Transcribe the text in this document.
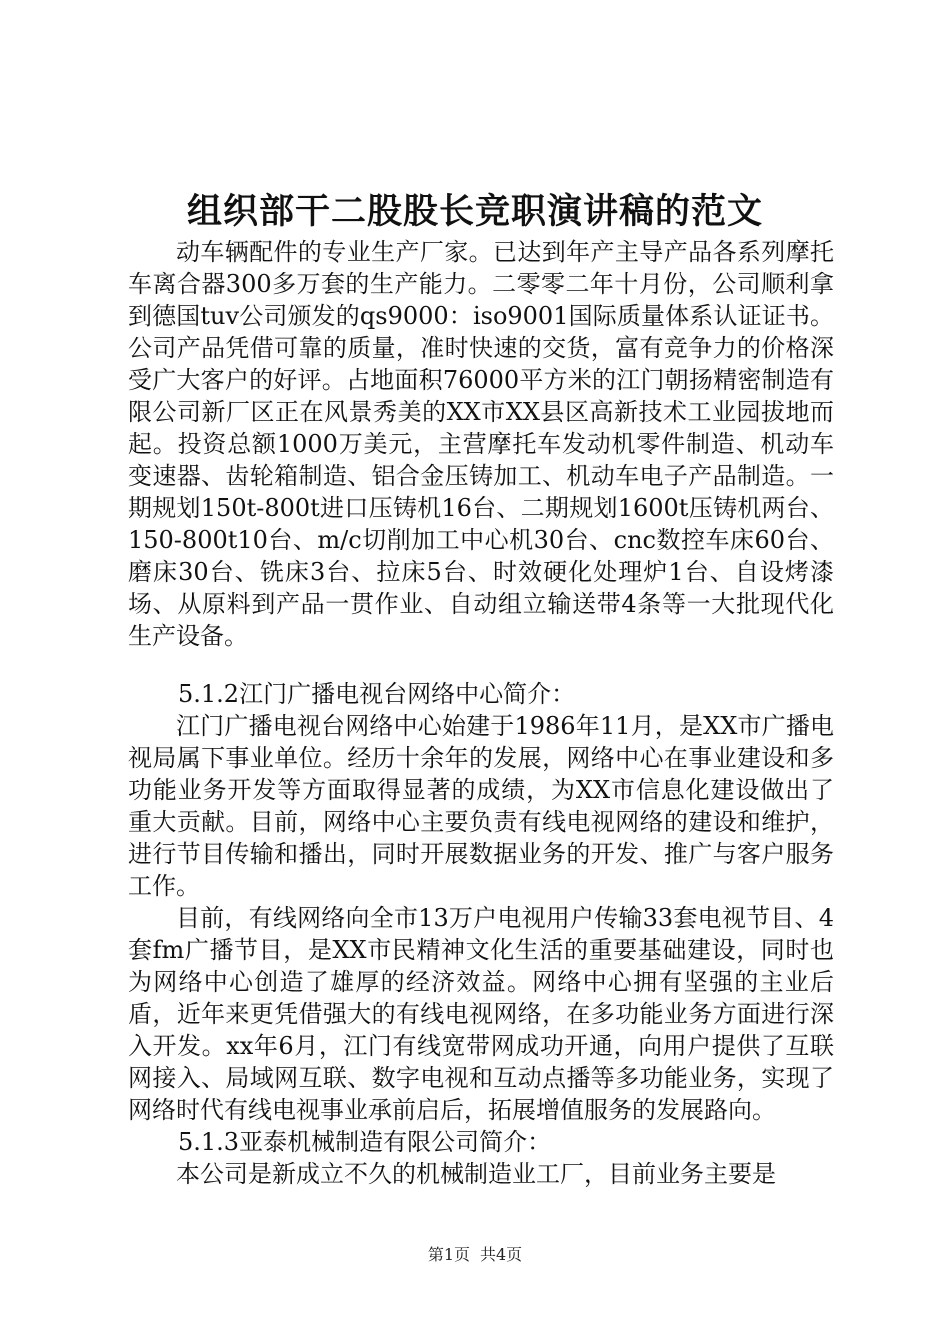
组织部干二股股长竞职演讲稿的范文

动车辆配件的专业生产厂家。已达到年产主导产品各系列摩托车离合器300多万套的生产能力。二零零二年十月份，公司顺利拿到德国tuv公司颁发的qs9000：iso9001国际质量体系认证证书。公司产品凭借可靠的质量，准时快速的交货，富有竞争力的价格深受广大客户的好评。占地面积76000平方米的江门朝扬精密制造有限公司新厂区正在风景秀美的XX市XX县区高新技术工业园拔地而起。投资总额1000万美元，主营摩托车发动机零件制造、机动车变速器、齿轮箱制造、铝合金压铸加工、机动车电子产品制造。一期规划150t-800t进口压铸机16台、二期规划1600t压铸机两台、150-800t10台、m/c切削加工中心机30台、cnc数控车床60台、磨床30台、铣床3台、拉床5台、时效硬化处理炉1台、自设烤漆场、从原料到产品一贯作业、自动组立输送带4条等一大批现代化生产设备。

5.1.2江门广播电视台网络中心简介：

江门广播电视台网络中心始建于1986年11月，是XX市广播电视局属下事业单位。经历十余年的发展，网络中心在事业建设和多功能业务开发等方面取得显著的成绩，为XX市信息化建设做出了重大贡献。目前，网络中心主要负责有线电视网络的建设和维护，进行节目传输和播出，同时开展数据业务的开发、推广与客户服务工作。

目前，有线网络向全市13万户电视用户传输33套电视节目、4套fm广播节目，是XX市民精神文化生活的重要基础建设，同时也为网络中心创造了雄厚的经济效益。网络中心拥有坚强的主业后盾，近年来更凭借强大的有线电视网络，在多功能业务方面进行深入开发。xx年6月，江门有线宽带网成功开通，向用户提供了互联网接入、局域网互联、数字电视和互动点播等多功能业务，实现了网络时代有线电视事业承前启后，拓展增值服务的发展路向。

5.1.3亚泰机械制造有限公司简介：

本公司是新成立不久的机械制造业工厂，目前业务主要是

第1页 共4页
